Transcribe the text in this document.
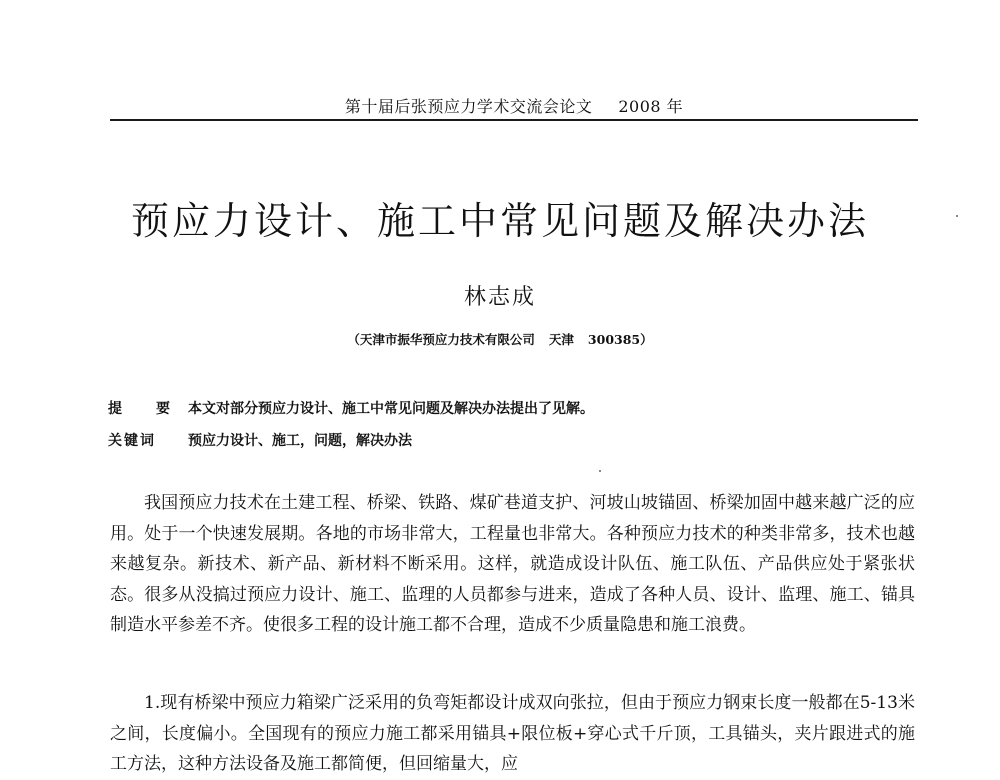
第十届后张预应力学术交流会论文 2008 年
预应力设计、施工中常见问题及解决办法
林志成
（天津市振华预应力技术有限公司 天津 300385）
提　要 本文对部分预应力设计、施工中常见问题及解决办法提出了见解。
关键词 预应力设计、施工，问题，解决办法

我国预应力技术在土建工程、桥梁、铁路、煤矿巷道支护、河坡山坡锚固、桥梁加固中越来越广泛的应用。处于一个快速发展期。各地的市场非常大，工程量也非常大。各种预应力技术的种类非常多，技术也越来越复杂。新技术、新产品、新材料不断采用。这样，就造成设计队伍、施工队伍、产品供应处于紧张状态。很多从没搞过预应力设计、施工、监理的人员都参与进来，造成了各种人员、设计、监理、施工、锚具制造水平参差不齐。使很多工程的设计施工都不合理，造成不少质量隐患和施工浪费。

1.现有桥梁中预应力箱梁广泛采用的负弯矩都设计成双向张拉，但由于预应力钢束长度一般都在5-13米之间，长度偏小。全国现有的预应力施工都采用锚具+限位板+穿心式千斤顶，工具锚头，夹片跟进式的施工方法，这种方法设备及施工都简便，但回缩量大，应
